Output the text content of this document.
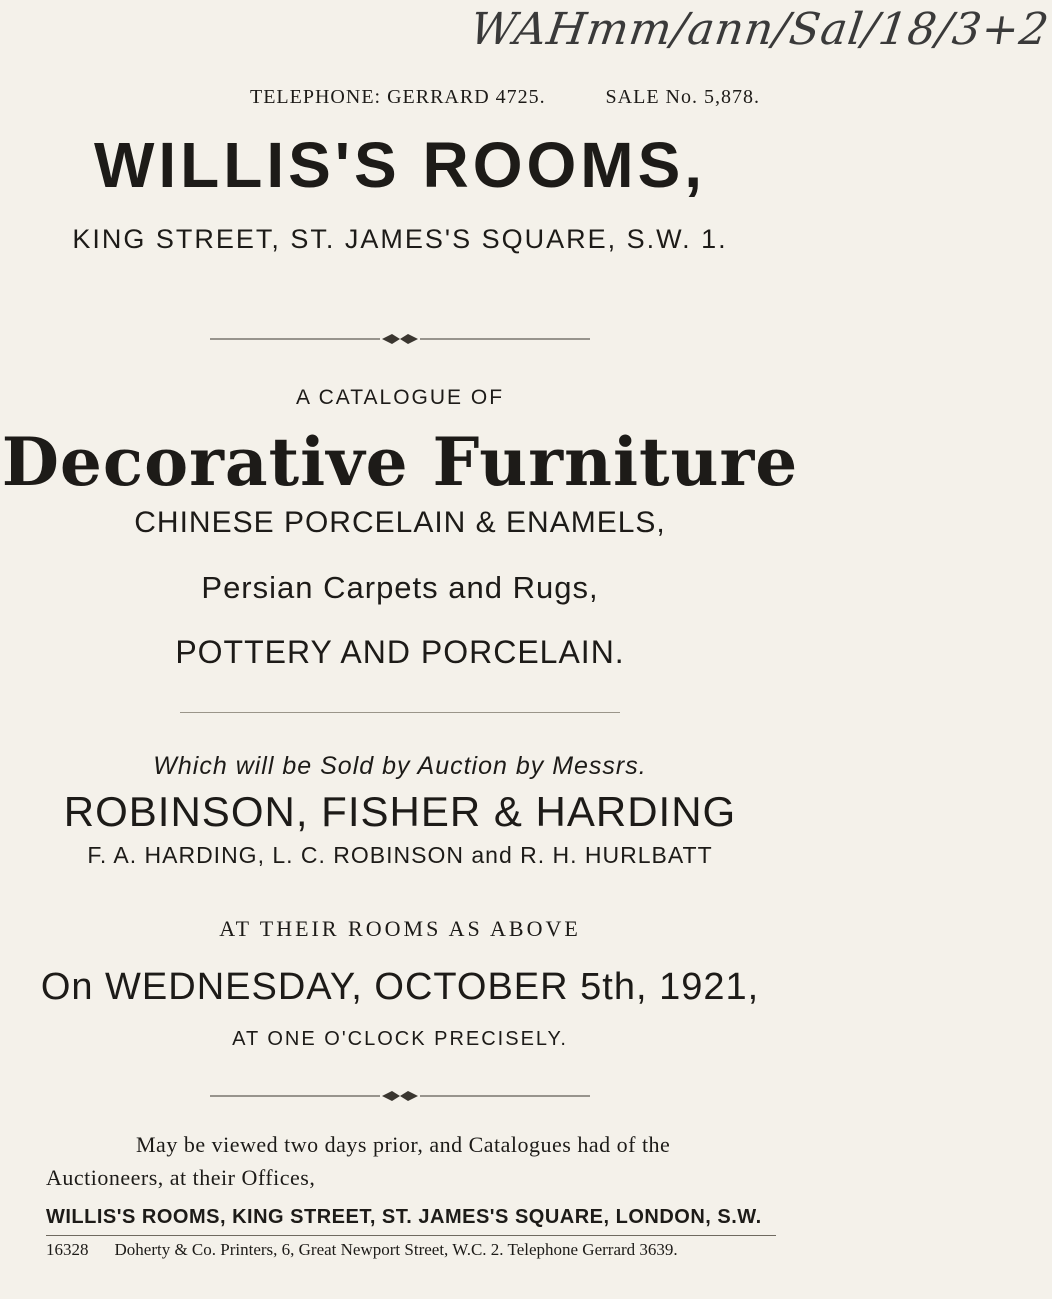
WAHmm/ann/Sal/18/3+2
TELEPHONE: GERRARD 4725.	SALE No. 5,878.
WILLIS'S ROOMS,
KING STREET, ST. JAMES'S SQUARE, S.W. 1.
A CATALOGUE OF
Decorative Furniture
CHINESE PORCELAIN & ENAMELS,
Persian Carpets and Rugs,
POTTERY AND PORCELAIN.
Which will be Sold by Auction by Messrs.
ROBINSON, FISHER & HARDING
F. A. HARDING, L. C. ROBINSON and R. H. HURLBATT
AT THEIR ROOMS AS ABOVE
On WEDNESDAY, OCTOBER 5th, 1921,
AT ONE O'CLOCK PRECISELY.
May be viewed two days prior, and Catalogues had of the
Auctioneers, at their Offices,
WILLIS'S ROOMS, KING STREET, ST. JAMES'S SQUARE, LONDON, S.W.
16328 Doherty & Co. Printers, 6, Great Newport Street, W.C. 2. Telephone Gerrard 3639.
